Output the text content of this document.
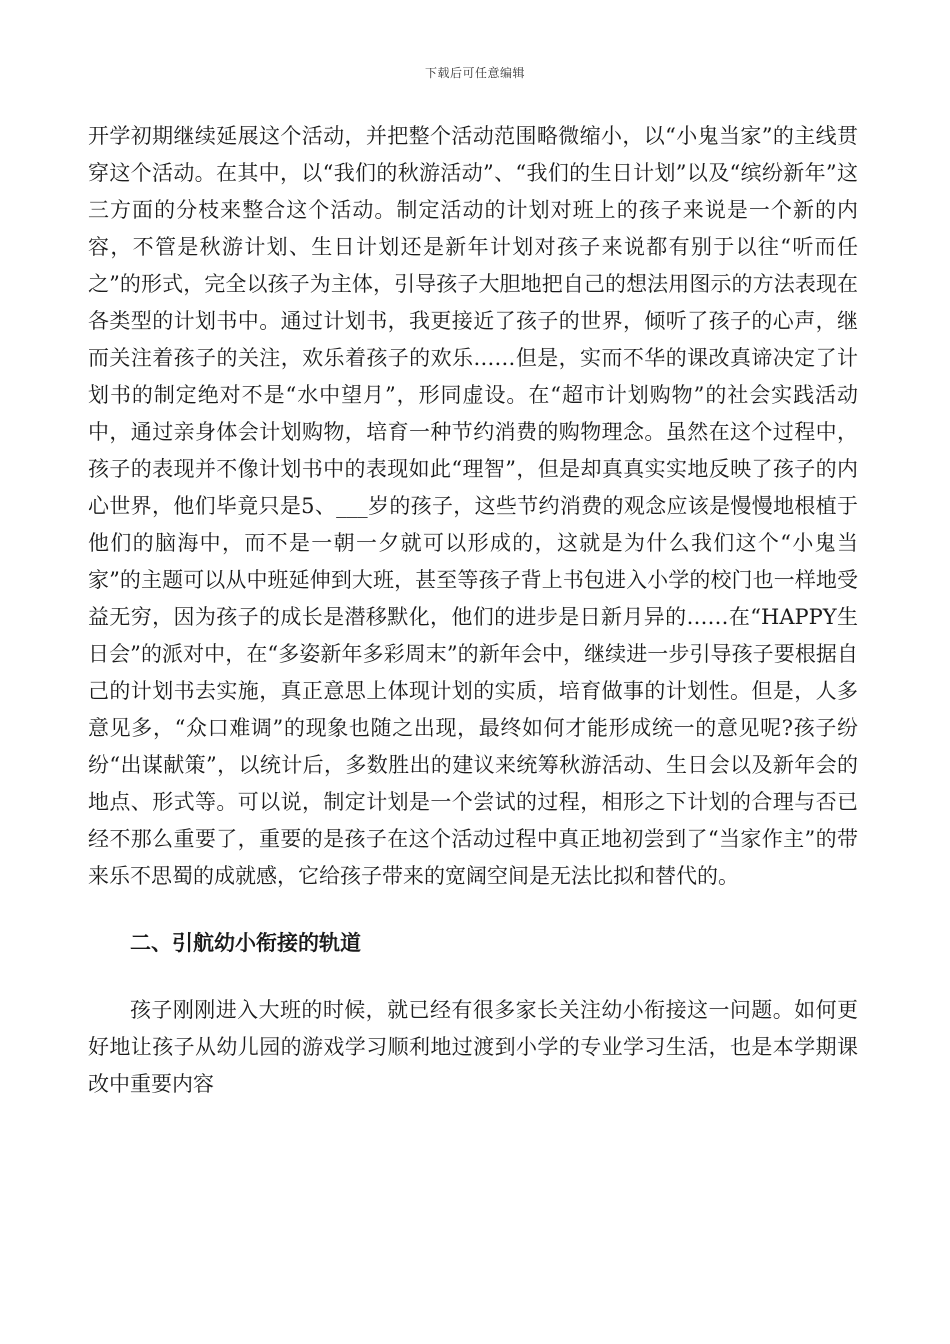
下载后可任意编辑

开学初期继续延展这个活动，并把整个活动范围略微缩小，以“小鬼当家”的主线贯穿这个活动。在其中，以“我们的秋游活动”、“我们的生日计划”以及“缤纷新年”这三方面的分枝来整合这个活动。制定活动的计划对班上的孩子来说是一个新的内容，不管是秋游计划、生日计划还是新年计划对孩子来说都有别于以往“听而任之”的形式，完全以孩子为主体，引导孩子大胆地把自己的想法用图示的方法表现在各类型的计划书中。通过计划书，我更接近了孩子的世界，倾听了孩子的心声，继而关注着孩子的关注，欢乐着孩子的欢乐……但是，实而不华的课改真谛决定了计划书的制定绝对不是“水中望月”，形同虚设。在“超市计划购物”的社会实践活动中，通过亲身体会计划购物，培育一种节约消费的购物理念。虽然在这个过程中，孩子的表现并不像计划书中的表现如此“理智”，但是却真真实实地反映了孩子的内心世界，他们毕竟只是5、___岁的孩子，这些节约消费的观念应该是慢慢地根植于他们的脑海中，而不是一朝一夕就可以形成的，这就是为什么我们这个“小鬼当家”的主题可以从中班延伸到大班，甚至等孩子背上书包进入小学的校门也一样地受益无穷，因为孩子的成长是潜移默化，他们的进步是日新月异的……在“HAPPY生日会”的派对中，在“多姿新年多彩周末”的新年会中，继续进一步引导孩子要根据自己的计划书去实施，真正意思上体现计划的实质，培育做事的计划性。但是，人多意见多，“众口难调”的现象也随之出现，最终如何才能形成统一的意见呢?孩子纷纷“出谋献策”，以统计后，多数胜出的建议来统筹秋游活动、生日会以及新年会的地点、形式等。可以说，制定计划是一个尝试的过程，相形之下计划的合理与否已经不那么重要了，重要的是孩子在这个活动过程中真正地初尝到了“当家作主”的带来乐不思蜀的成就感，它给孩子带来的宽阔空间是无法比拟和替代的。

二、引航幼小衔接的轨道

孩子刚刚进入大班的时候，就已经有很多家长关注幼小衔接这一问题。如何更好地让孩子从幼儿园的游戏学习顺利地过渡到小学的专业学习生活，也是本学期课改中重要内容
